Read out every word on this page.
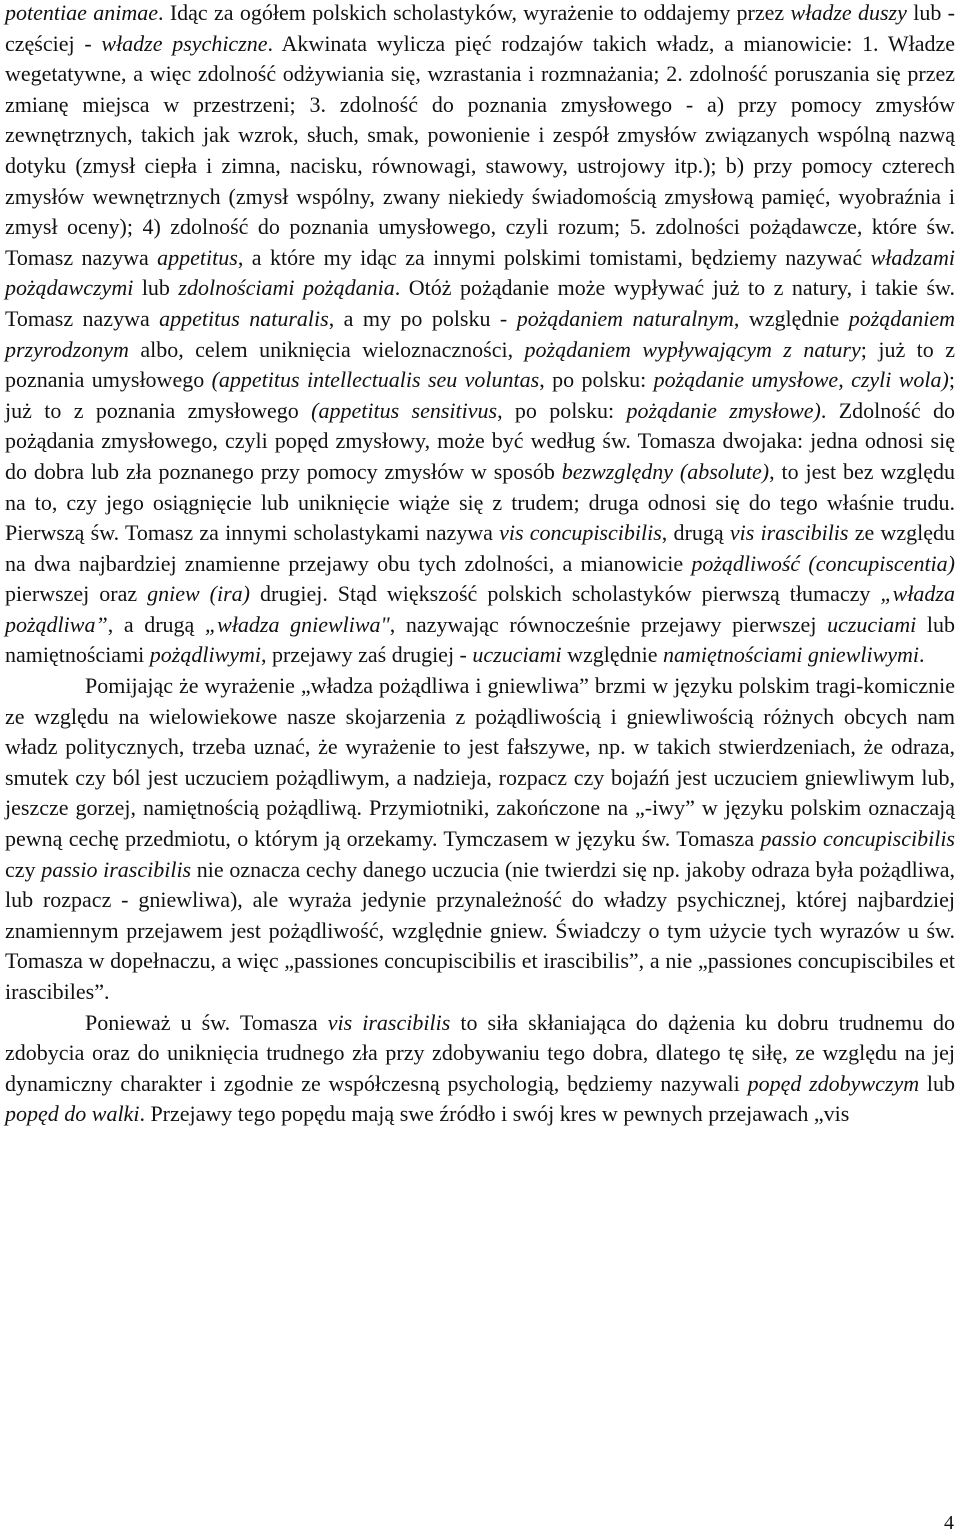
potentiae animae. Idąc za ogółem polskich scholastyków, wyrażenie to oddajemy przez władze duszy lub - częściej - władze psychiczne. Akwinata wylicza pięć rodzajów takich władz, a mianowicie: 1. Władze wegetatywne, a więc zdolność odżywiania się, wzrastania i rozmnażania; 2. zdolność poruszania się przez zmianę miejsca w przestrzeni; 3. zdolność do poznania zmysłowego - a) przy pomocy zmysłów zewnętrznych, takich jak wzrok, słuch, smak, powonienie i zespół zmysłów związanych wspólną nazwą dotyku (zmysł ciepła i zimna, nacisku, równowagi, stawowy, ustrojowy itp.); b) przy pomocy czterech zmysłów wewnętrznych (zmysł wspólny, zwany niekiedy świadomością zmysłową pamięć, wyobraźnia i zmysł oceny); 4) zdolność do poznania umysłowego, czyli rozum; 5. zdolności pożądawcze, które św. Tomasz nazywa appetitus, a które my idąc za innymi polskimi tomistami, będziemy nazywać władzami pożądawczymi lub zdolnościami pożądania. Otóż pożądanie może wypływać już to z natury, i takie św. Tomasz nazywa appetitus naturalis, a my po polsku - pożądaniem naturalnym, względnie pożądaniem przyrodzonym albo, celem uniknięcia wieloznaczności, pożądaniem wypływającym z natury; już to z poznania umysłowego (appetitus intellectualis seu voluntas, po polsku: pożądanie umysłowe, czyli wola); już to z poznania zmysłowego (appetitus sensitivus, po polsku: pożądanie zmysłowe). Zdolność do pożądania zmysłowego, czyli popęd zmysłowy, może być według św. Tomasza dwojaka: jedna odnosi się do dobra lub zła poznanego przy pomocy zmysłów w sposób bezwzględny (absolute), to jest bez względu na to, czy jego osiągnięcie lub uniknięcie wiąże się z trudem; druga odnosi się do tego właśnie trudu. Pierwszą św. Tomasz za innymi scholastykami nazywa vis concupiscibilis, drugą vis irascibilis ze względu na dwa najbardziej znamienne przejawy obu tych zdolności, a mianowicie pożądliwość (concupiscentia) pierwszej oraz gniew (ira) drugiej. Stąd większość polskich scholastyków pierwszą tłumaczy „władza pożądliwa”, a drugą „władza gniewliwa", nazywając równocześnie przejawy pierwszej uczuciami lub namiętnościami pożądliwymi, przejawy zaś drugiej - uczuciami względnie namiętnościami gniewliwymi.

Pomijając że wyrażenie „władza pożądliwa i gniewliwa” brzmi w języku polskim tragi-komicznie ze względu na wielowiekowe nasze skojarzenia z pożądliwością i gniewliwością różnych obcych nam władz politycznych, trzeba uznać, że wyrażenie to jest fałszywe, np. w takich stwierdzeniach, że odraza, smutek czy ból jest uczuciem pożądliwym, a nadzieja, rozpacz czy bojaźń jest uczuciem gniewliwym lub, jeszcze gorzej, namiętnością pożądliwą. Przymiotniki, zakończone na „-iwy” w języku polskim oznaczają pewną cechę przedmiotu, o którym ją orzekamy. Tymczasem w języku św. Tomasza passio concupiscibilis czy passio irascibilis nie oznacza cechy danego uczucia (nie twierdzi się np. jakoby odraza była pożądliwa, lub rozpacz - gniewliwa), ale wyraża jedynie przynależność do władzy psychicznej, której najbardziej znamiennym przejawem jest pożądliwość, względnie gniew. Świadczy o tym użycie tych wyrazów u św. Tomasza w dopełnaczu, a więc „passiones concupiscibilis et irascibilis”, a nie „passiones concupiscibiles et irascibiles”.

Ponieważ u św. Tomasza vis irascibilis to siła skłaniająca do dążenia ku dobru trudnemu do zdobycia oraz do uniknięcia trudnego zła przy zdobywaniu tego dobra, dlatego tę siłę, ze względu na jej dynamiczny charakter i zgodnie ze współczesną psychologią, będziemy nazywali popęd zdobywczym lub popęd do walki. Przejawy tego popędu mają swe źródło i swój kres w pewnych przejawach „vis

4
